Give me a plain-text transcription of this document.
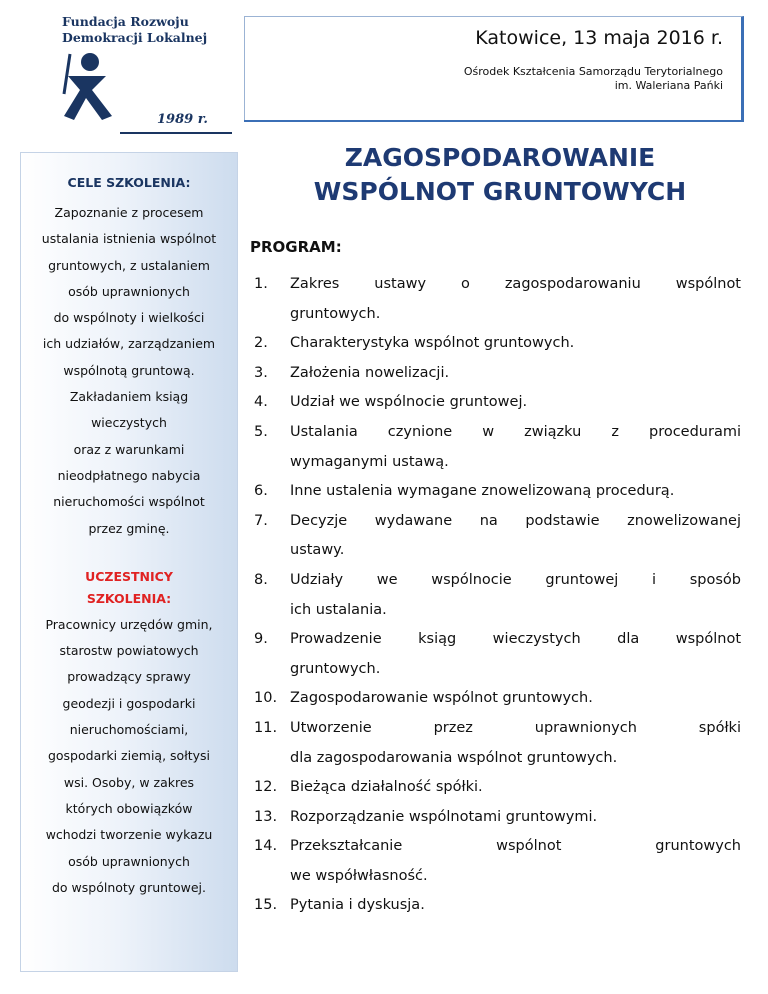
Fundacja Rozwoju
Demokracji Lokalnej
1989 r.
Katowice, 13 maja 2016 r.
Ośrodek Kształcenia Samorządu Terytorialnego
im. Waleriana Pańki
CELE SZKOLENIA:
Zapoznanie z procesem
ustalania istnienia wspólnot
gruntowych, z ustalaniem
osób uprawnionych
do wspólnoty i wielkości
ich udziałów, zarządzaniem
wspólnotą gruntową.
Zakładaniem ksiąg
wieczystych
oraz z warunkami
nieodpłatnego nabycia
nieruchomości wspólnot
przez gminę.
UCZESTNICY
SZKOLENIA:
Pracownicy urzędów gmin,
starostw powiatowych
prowadzący sprawy
geodezji i gospodarki
nieruchomościami,
gospodarki ziemią, sołtysi
wsi. Osoby, w zakres
których obowiązków
wchodzi tworzenie wykazu
osób uprawnionych
do wspólnoty gruntowej.
ZAGOSPODAROWANIE
WSPÓLNOT GRUNTOWYCH
PROGRAM:
1.	Zakres ustawy o zagospodarowaniu wspólnot
gruntowych.
2.	Charakterystyka wspólnot gruntowych.
3.	Założenia nowelizacji.
4.	Udział we wspólnocie gruntowej.
5.	Ustalania czynione w związku z procedurami
wymaganymi ustawą.
6.	Inne ustalenia wymagane znowelizowaną procedurą.
7.	Decyzje wydawane na podstawie znowelizowanej
ustawy.
8.	Udziały we wspólnocie gruntowej i sposób
ich ustalania.
9.	Prowadzenie ksiąg wieczystych dla wspólnot
gruntowych.
10. Zagospodarowanie wspólnot gruntowych.
11. Utworzenie przez uprawnionych spółki
dla zagospodarowania wspólnot gruntowych.
12. Bieżąca działalność spółki.
13. Rozporządzanie wspólnotami gruntowymi.
14. Przekształcanie wspólnot gruntowych
we współwłasność.
15. Pytania i dyskusja.
